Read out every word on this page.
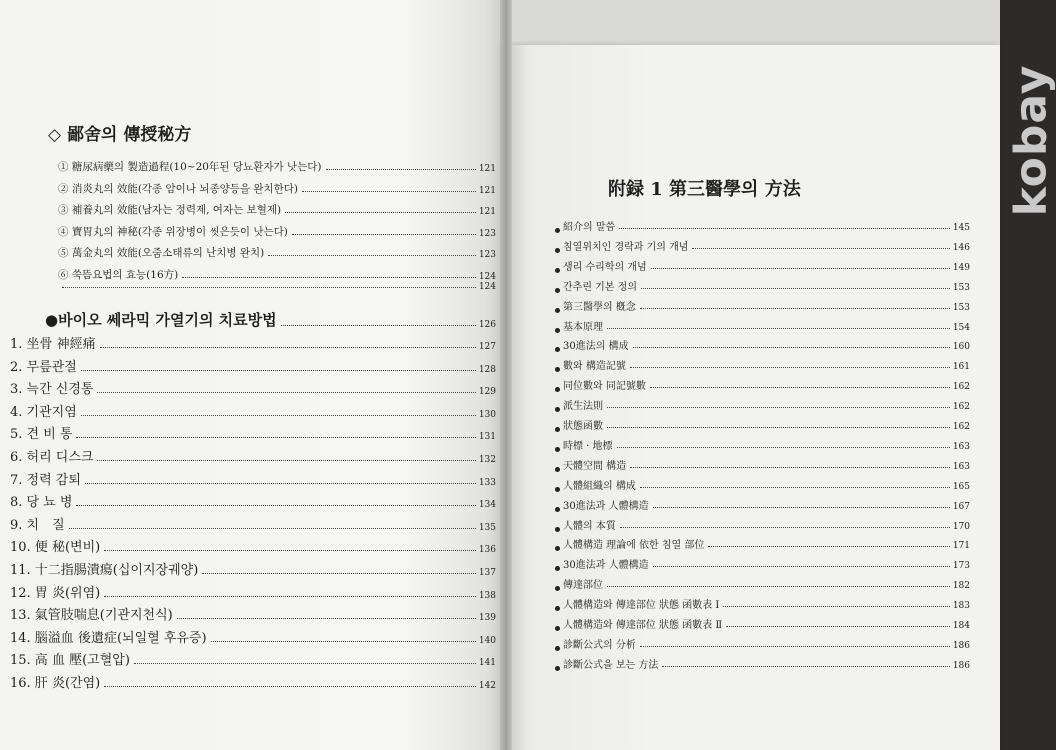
kobay
◇ 鄙舍의 傳授秘方
① 糖尿病藥의 製造過程(10~20年된 당뇨환자가 낫는다)	121
② 消炎丸의 效能(각종 암이나 뇌종양등을 완치한다)	121
③ 補養丸의 效能(남자는 정력제, 여자는 보혈제)	121
④ 寶胃丸의 神秘(각종 위장병이 씻은듯이 낫는다)	123
⑤ 萬金丸의 效能(오줌소태류의 난치병 완치)	123
⑥ 쑥뜸요법의 효능(16方)	124
124
●바이오 쎄라믹 가열기의 치료방법	126
1. 坐骨 神經痛	127
2. 무릎관절	128
3. 늑간 신경통	129
4. 기관지염	130
5. 견 비 통	131
6. 허리 디스크	132
7. 정력 감퇴	133
8. 당 뇨 병	134
9. 치　질	135
10. 便 秘(변비)	136
11. 十二指腸潰瘍(십이지장궤양)	137
12. 胃 炎(위염)	138
13. 氣管肢喘息(기관지천식)	139
14. 腦溢血 後遺症(뇌일혈 후유증)	140
15. 高 血 壓(고혈압)	141
16. 肝 炎(간염)	142
附録 1 第三醫學의 方法
紹介의 말씀	145
침열위치인 경락과 기의 개념	146
생리 수리학의 개념	149
간추린 기본 정의	153
第三醫學의 槪念	153
基本原理	154
30進法의 構成	160
數와 構造記號	161
同位數와 同記號數	162
派生法則	162
狀態函數	162
時標 · 地標	163
天體空間 構造	163
人體組織의 構成	165
30進法과 人體構造	167
人體의 本質	170
人體構造 理論에 依한 침열 部位	171
30進法과 人體構造	173
傳達部位	182
人體構造와 傳達部位 狀態 函數表 Ⅰ	183
人體構造와 傳達部位 狀態 函數表 Ⅱ	184
診斷公式의 分析	186
診斷公式을 보는 方法	186
